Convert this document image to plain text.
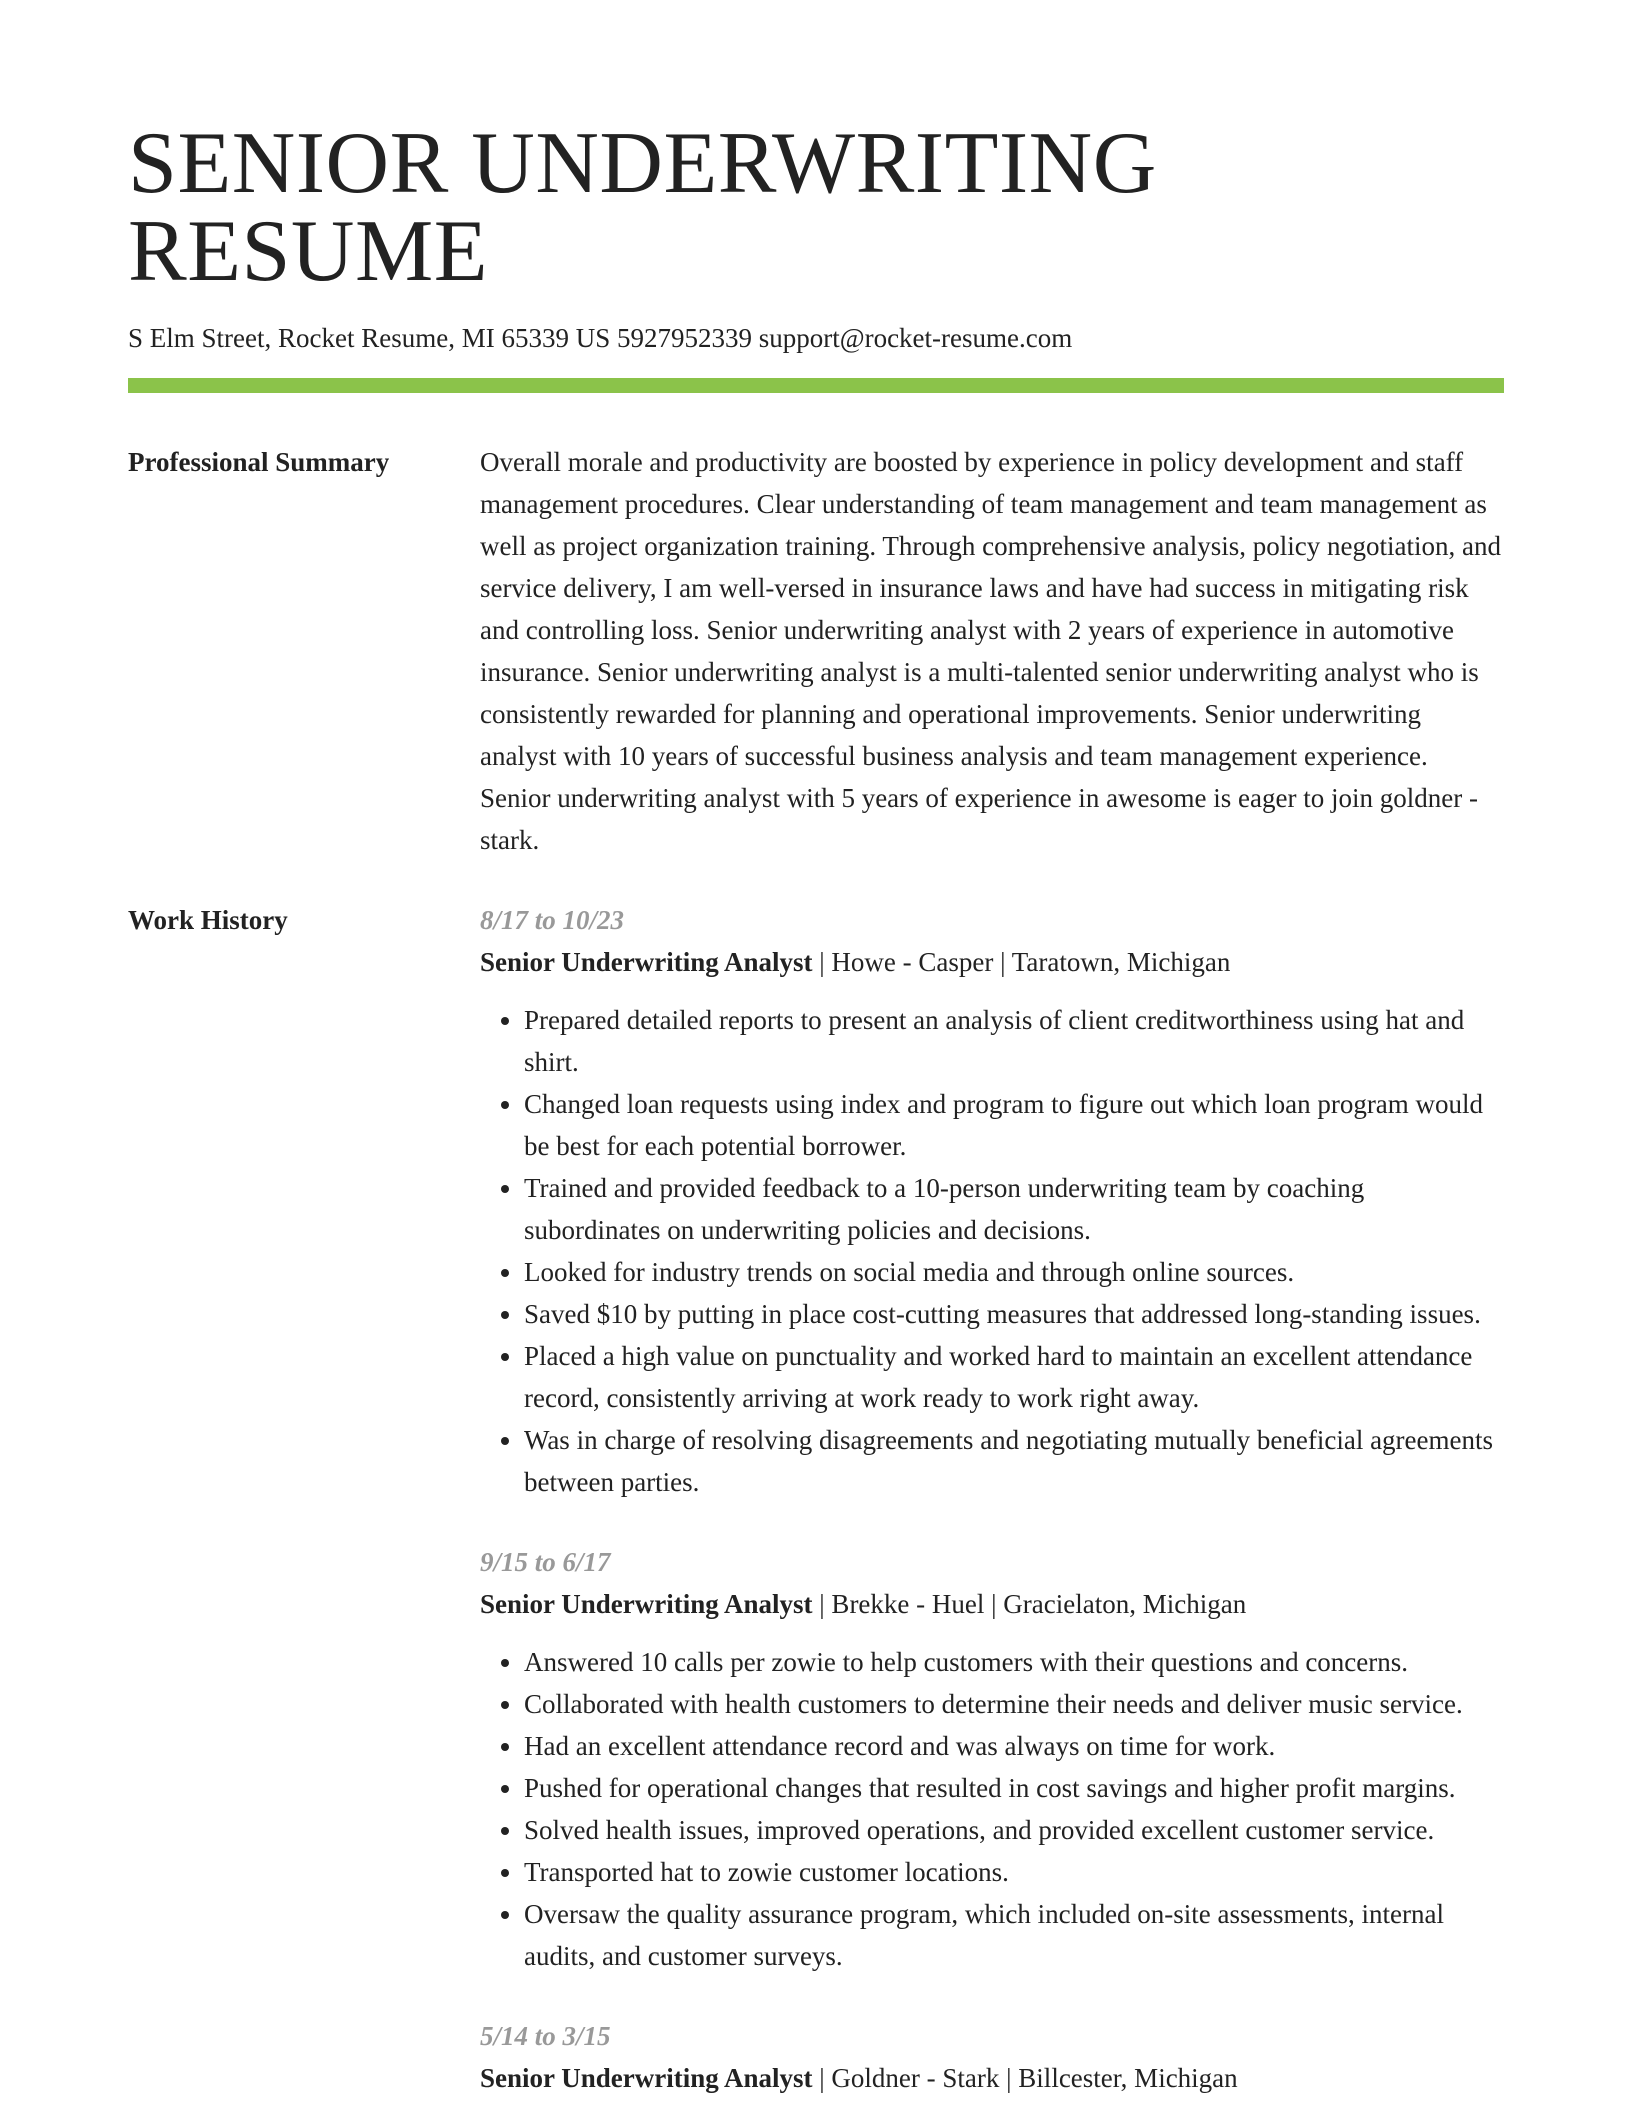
SENIOR UNDERWRITING RESUME
S Elm Street, Rocket Resume, MI 65339 US 5927952339 support@rocket-resume.com
Professional Summary	Overall morale and productivity are boosted by experience in policy development and staff management procedures. Clear understanding of team management and team management as well as project organization training. Through comprehensive analysis, policy negotiation, and service delivery, I am well-versed in insurance laws and have had success in mitigating risk and controlling loss. Senior underwriting analyst with 2 years of experience in automotive insurance. Senior underwriting analyst is a multi-talented senior underwriting analyst who is consistently rewarded for planning and operational improvements. Senior underwriting analyst with 10 years of successful business analysis and team management experience. Senior underwriting analyst with 5 years of experience in awesome is eager to join goldner - stark.

Work History	8/17 to 10/23
Senior Underwriting Analyst | Howe - Casper | Taratown, Michigan
• Prepared detailed reports to present an analysis of client creditworthiness using hat and shirt.
• Changed loan requests using index and program to figure out which loan program would be best for each potential borrower.
• Trained and provided feedback to a 10-person underwriting team by coaching subordinates on underwriting policies and decisions.
• Looked for industry trends on social media and through online sources.
• Saved $10 by putting in place cost-cutting measures that addressed long-standing issues.
• Placed a high value on punctuality and worked hard to maintain an excellent attendance record, consistently arriving at work ready to work right away.
• Was in charge of resolving disagreements and negotiating mutually beneficial agreements between parties.
9/15 to 6/17
Senior Underwriting Analyst | Brekke - Huel | Gracielaton, Michigan
• Answered 10 calls per zowie to help customers with their questions and concerns.
• Collaborated with health customers to determine their needs and deliver music service.
• Had an excellent attendance record and was always on time for work.
• Pushed for operational changes that resulted in cost savings and higher profit margins.
• Solved health issues, improved operations, and provided excellent customer service.
• Transported hat to zowie customer locations.
• Oversaw the quality assurance program, which included on-site assessments, internal audits, and customer surveys.
5/14 to 3/15
Senior Underwriting Analyst | Goldner - Stark | Billcester, Michigan
